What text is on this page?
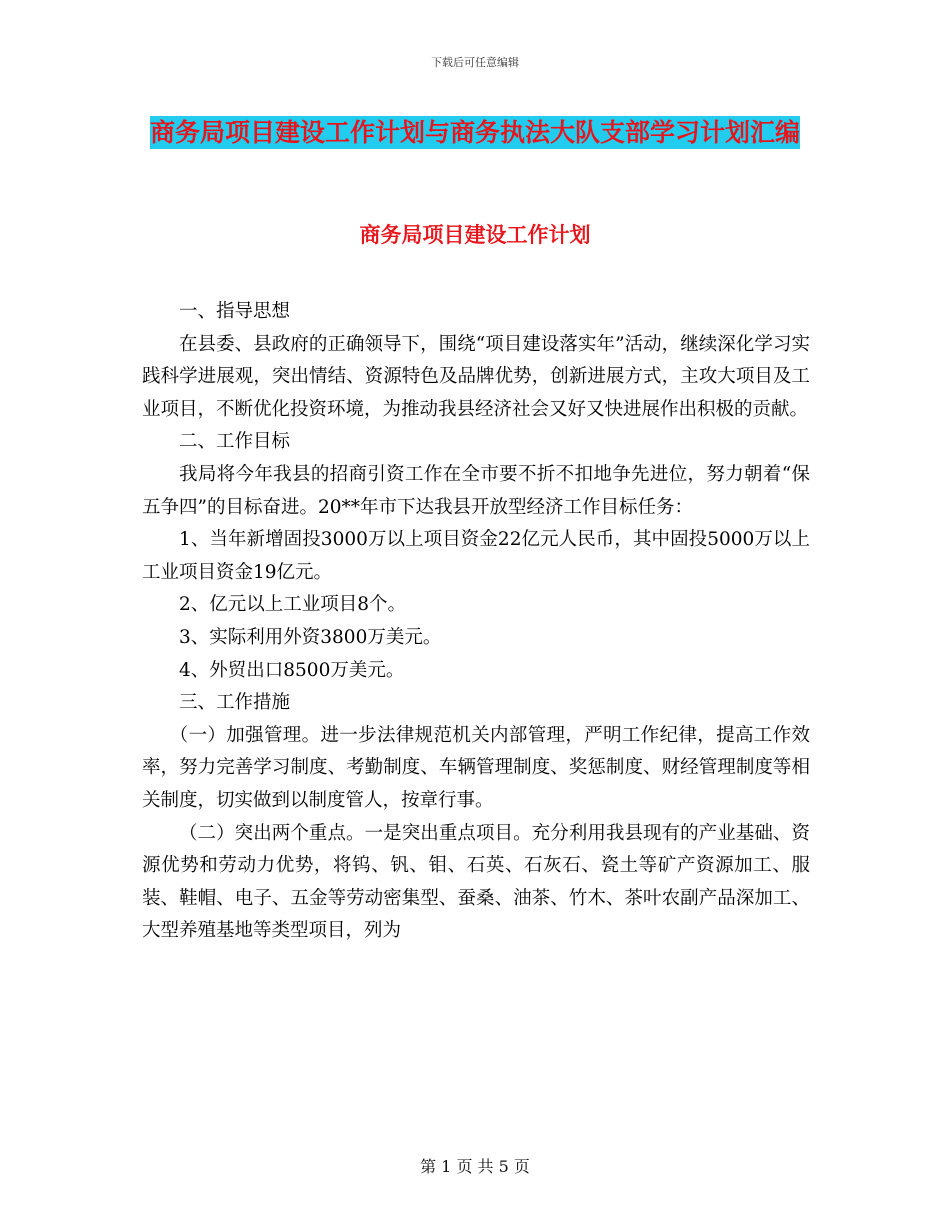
下载后可任意编辑
商务局项目建设工作计划与商务执法大队支部学习计划汇编
商务局项目建设工作计划

一、指导思想

在县委、县政府的正确领导下，围绕“项目建设落实年”活动，继续深化学习实践科学进展观，突出情结、资源特色及品牌优势，创新进展方式，主攻大项目及工业项目，不断优化投资环境，为推动我县经济社会又好又快进展作出积极的贡献。

二、工作目标

我局将今年我县的招商引资工作在全市要不折不扣地争先进位，努力朝着“保五争四”的目标奋进。20**年市下达我县开放型经济工作目标任务：

1、当年新增固投3000万以上项目资金22亿元人民币，其中固投5000万以上工业项目资金19亿元。

2、亿元以上工业项目8个。

3、实际利用外资3800万美元。

4、外贸出口8500万美元。

三、工作措施

（一）加强管理。进一步法律规范机关内部管理，严明工作纪律，提高工作效率，努力完善学习制度、考勤制度、车辆管理制度、奖惩制度、财经管理制度等相关制度，切实做到以制度管人，按章行事。

（二）突出两个重点。一是突出重点项目。充分利用我县现有的产业基础、资源优势和劳动力优势，将钨、钒、钼、石英、石灰石、瓷土等矿产资源加工、服装、鞋帽、电子、五金等劳动密集型、蚕桑、油茶、竹木、茶叶农副产品深加工、大型养殖基地等类型项目，列为

第 1 页 共 5 页
